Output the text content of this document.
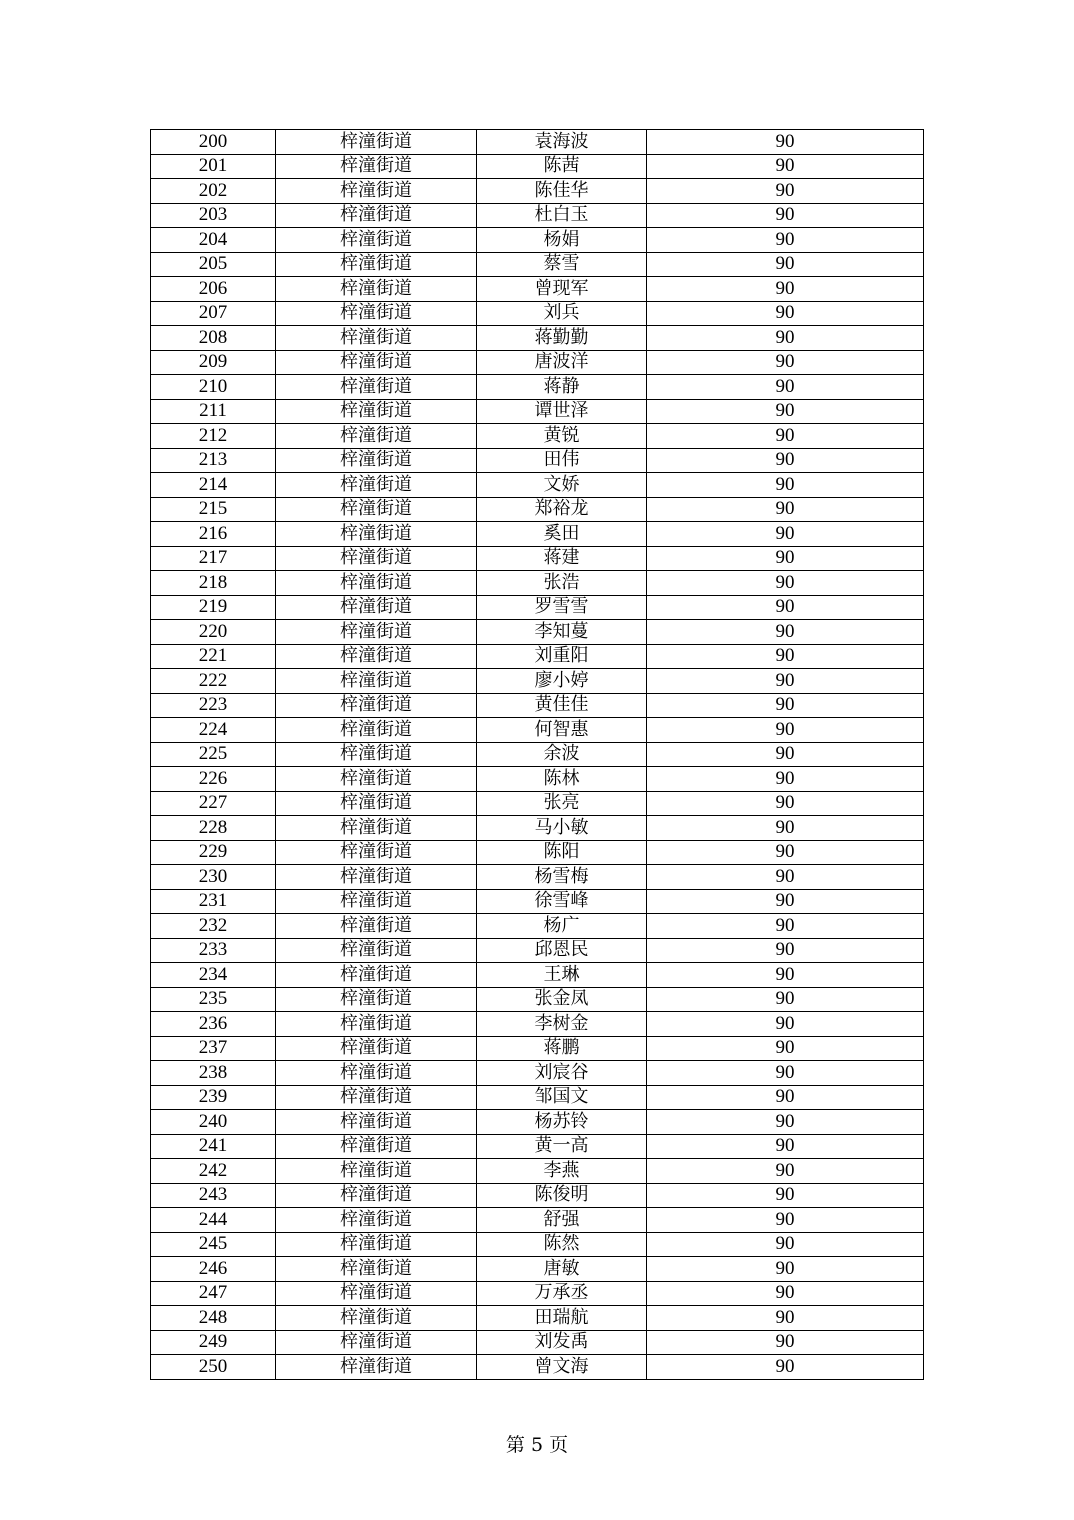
200	梓潼街道	袁海波	90
201	梓潼街道	陈茜	90
202	梓潼街道	陈佳华	90
203	梓潼街道	杜白玉	90
204	梓潼街道	杨娟	90
205	梓潼街道	蔡雪	90
206	梓潼街道	曾现军	90
207	梓潼街道	刘兵	90
208	梓潼街道	蒋勤勤	90
209	梓潼街道	唐波洋	90
210	梓潼街道	蒋静	90
211	梓潼街道	谭世泽	90
212	梓潼街道	黄锐	90
213	梓潼街道	田伟	90
214	梓潼街道	文娇	90
215	梓潼街道	郑裕龙	90
216	梓潼街道	奚田	90
217	梓潼街道	蒋建	90
218	梓潼街道	张浩	90
219	梓潼街道	罗雪雪	90
220	梓潼街道	李知蔓	90
221	梓潼街道	刘重阳	90
222	梓潼街道	廖小婷	90
223	梓潼街道	黄佳佳	90
224	梓潼街道	何智惠	90
225	梓潼街道	余波	90
226	梓潼街道	陈林	90
227	梓潼街道	张亮	90
228	梓潼街道	马小敏	90
229	梓潼街道	陈阳	90
230	梓潼街道	杨雪梅	90
231	梓潼街道	徐雪峰	90
232	梓潼街道	杨广	90
233	梓潼街道	邱恩民	90
234	梓潼街道	王琳	90
235	梓潼街道	张金凤	90
236	梓潼街道	李树金	90
237	梓潼街道	蒋鹏	90
238	梓潼街道	刘宸谷	90
239	梓潼街道	邹国文	90
240	梓潼街道	杨苏铃	90
241	梓潼街道	黄一高	90
242	梓潼街道	李燕	90
243	梓潼街道	陈俊明	90
244	梓潼街道	舒强	90
245	梓潼街道	陈然	90
246	梓潼街道	唐敏	90
247	梓潼街道	万承丞	90
248	梓潼街道	田瑞航	90
249	梓潼街道	刘发禹	90
250	梓潼街道	曾文海	90
第 5 页
